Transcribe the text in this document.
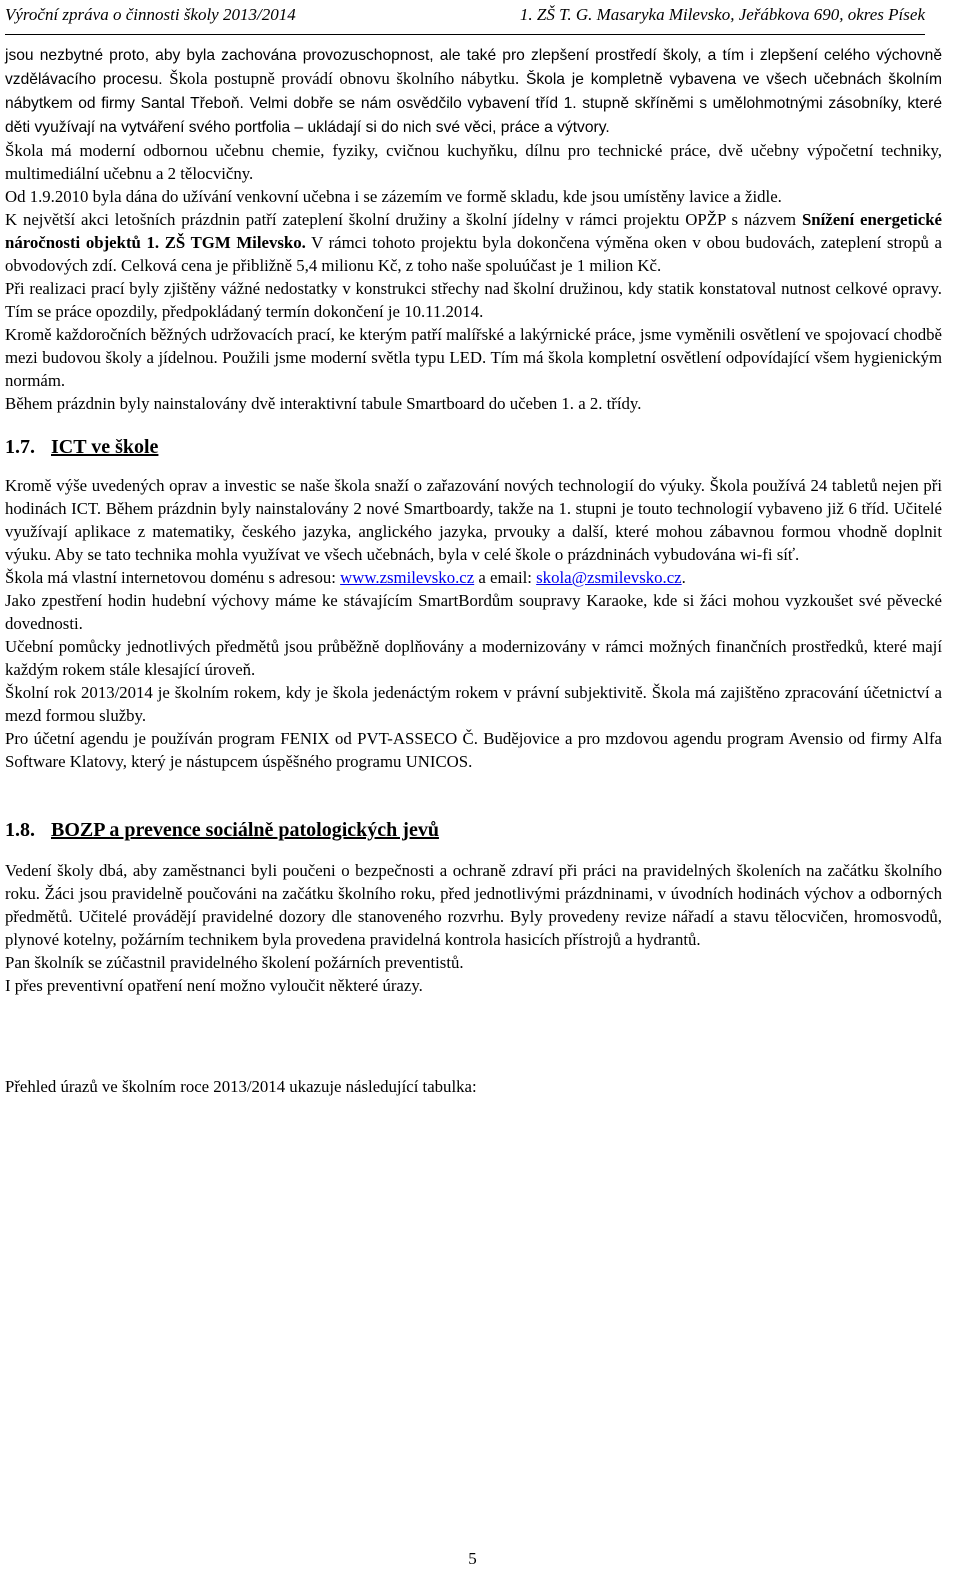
Výroční zpráva o činnosti školy 2013/2014	1. ZŠ T. G. Masaryka Milevsko, Jeřábkova 690, okres Písek

jsou nezbytné proto, aby byla zachována provozuschopnost, ale také pro zlepšení prostředí školy, a tím i zlepšení celého výchovně vzdělávacího procesu. Škola postupně provádí obnovu školního nábytku. Škola je kompletně vybavena ve všech učebnách školním nábytkem od firmy Santal Třeboň. Velmi dobře se nám osvědčilo vybavení tříd 1. stupně skříněmi s umělohmotnými zásobníky, které děti využívají na vytváření svého portfolia – ukládají si do nich své věci, práce a výtvory.

Škola má moderní odbornou učebnu chemie, fyziky, cvičnou kuchyňku, dílnu pro technické práce, dvě učebny výpočetní techniky, multimediální učebnu a 2 tělocvičny.

Od 1.9.2010 byla dána do užívání venkovní učebna i se zázemím ve formě skladu, kde jsou umístěny lavice a židle.

K největší akci letošních prázdnin patří zateplení školní družiny a školní jídelny v rámci projektu OPŽP s názvem Snížení energetické náročnosti objektů 1. ZŠ TGM Milevsko. V rámci tohoto projektu byla dokončena výměna oken v obou budovách, zateplení stropů a obvodových zdí. Celková cena je přibližně 5,4 milionu Kč, z toho naše spoluúčast je 1 milion Kč.

Při realizaci prací byly zjištěny vážné nedostatky v konstrukci střechy nad školní družinou, kdy statik konstatoval nutnost celkové opravy. Tím se práce opozdily, předpokládaný termín dokončení je 10.11.2014.

Kromě každoročních běžných udržovacích prací, ke kterým patří malířské a lakýrnické práce, jsme vyměnili osvětlení ve spojovací chodbě mezi budovou školy a jídelnou. Použili jsme moderní světla typu LED. Tím má škola kompletní osvětlení odpovídající všem hygienickým normám.

Během prázdnin byly nainstalovány dvě interaktivní tabule Smartboard do učeben 1. a 2. třídy.

1.7. ICT ve škole

Kromě výše uvedených oprav a investic se naše škola snaží o zařazování nových technologií do výuky. Škola používá 24 tabletů nejen při hodinách ICT. Během prázdnin byly nainstalovány 2 nové Smartboardy, takže na 1. stupni je touto technologií vybaveno již 6 tříd. Učitelé využívají aplikace z matematiky, českého jazyka, anglického jazyka, prvouky a další, které mohou zábavnou formou vhodně doplnit výuku. Aby se tato technika mohla využívat ve všech učebnách, byla v celé škole o prázdninách vybudována wi-fi síť.

Škola má vlastní internetovou doménu s adresou: www.zsmilevsko.cz a email: skola@zsmilevsko.cz.

Jako zpestření hodin hudební výchovy máme ke stávajícím SmartBordům soupravy Karaoke, kde si žáci mohou vyzkoušet své pěvecké dovednosti.

Učební pomůcky jednotlivých předmětů jsou průběžně doplňovány a modernizovány v rámci možných finančních prostředků, které mají každým rokem stále klesající úroveň.

Školní rok 2013/2014 je školním rokem, kdy je škola jedenáctým rokem v právní subjektivitě. Škola má zajištěno zpracování účetnictví a mezd formou služby.

Pro účetní agendu je používán program FENIX od PVT-ASSECO Č. Budějovice a pro mzdovou agendu program Avensio od firmy Alfa Software Klatovy, který je nástupcem úspěšného programu UNICOS.

1.8. BOZP a prevence sociálně patologických jevů

Vedení školy dbá, aby zaměstnanci byli poučeni o bezpečnosti a ochraně zdraví při práci na pravidelných školeních na začátku školního roku. Žáci jsou pravidelně poučováni na začátku školního roku, před jednotlivými prázdninami, v úvodních hodinách výchov a odborných předmětů. Učitelé provádějí pravidelné dozory dle stanoveného rozvrhu. Byly provedeny revize nářadí a stavu tělocvičen, hromosvodů, plynové kotelny, požárním technikem byla provedena pravidelná kontrola hasicích přístrojů a hydrantů.

Pan školník se zúčastnil pravidelného školení požárních preventistů.

I přes preventivní opatření není možno vyloučit některé úrazy.

Přehled úrazů ve školním roce 2013/2014 ukazuje následující tabulka:

5
